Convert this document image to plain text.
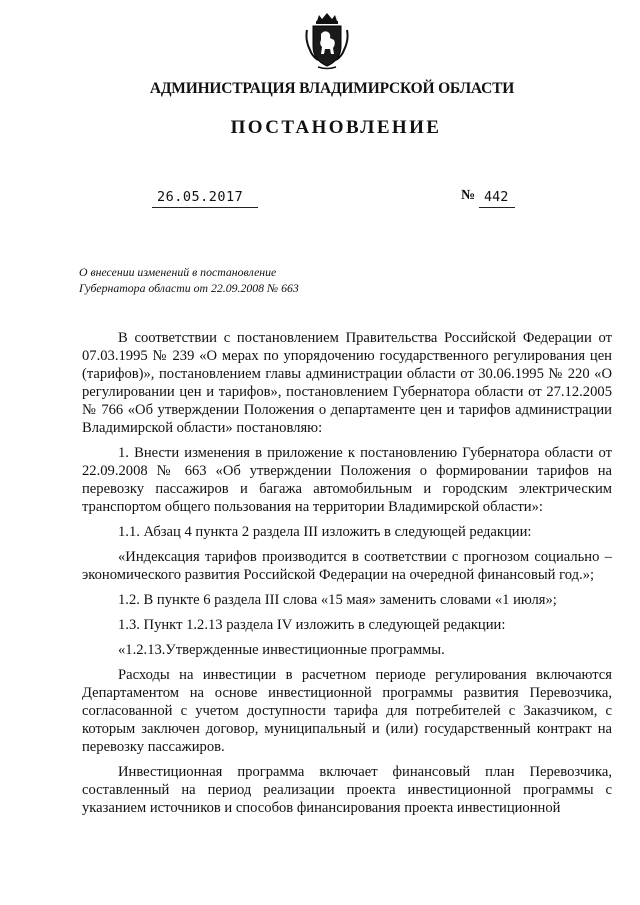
АДМИНИСТРАЦИЯ ВЛАДИМИРСКОЙ ОБЛАСТИ
ПОСТАНОВЛЕНИЕ
26.05.2017	№ 442
О внесении изменений в постановление
Губернатора области от 22.09.2008 № 663

В соответствии с постановлением Правительства Российской Федерации от 07.03.1995 № 239 «О мерах по упорядочению государственного регулирования цен (тарифов)», постановлением главы администрации области от 30.06.1995 № 220 «О регулировании цен и тарифов», постановлением Губернатора области от 27.12.2005 № 766 «Об утверждении Положения о департаменте цен и тарифов администрации Владимирской области» постановляю:

1. Внести изменения в приложение к постановлению Губернатора области от 22.09.2008 № 663 «Об утверждении Положения о формировании тарифов на перевозку пассажиров и багажа автомобильным и городским электрическим транспортом общего пользования на территории Владимирской области»:

1.1. Абзац 4 пункта 2 раздела III изложить в следующей редакции:

«Индексация тарифов производится в соответствии с прогнозом социально – экономического развития Российской Федерации на очередной финансовый год.»;

1.2. В пункте 6 раздела III слова «15 мая» заменить словами «1 июля»;

1.3. Пункт 1.2.13 раздела IV изложить в следующей редакции:

«1.2.13.Утвержденные инвестиционные программы.

Расходы на инвестиции в расчетном периоде регулирования включаются Департаментом на основе инвестиционной программы развития Перевозчика, согласованной с учетом доступности тарифа для потребителей с Заказчиком, с которым заключен договор, муниципальный и (или) государственный контракт на перевозку пассажиров.

Инвестиционная программа включает финансовый план Перевозчика, составленный на период реализации проекта инвестиционной программы с указанием источников и способов финансирования проекта инвестиционной
